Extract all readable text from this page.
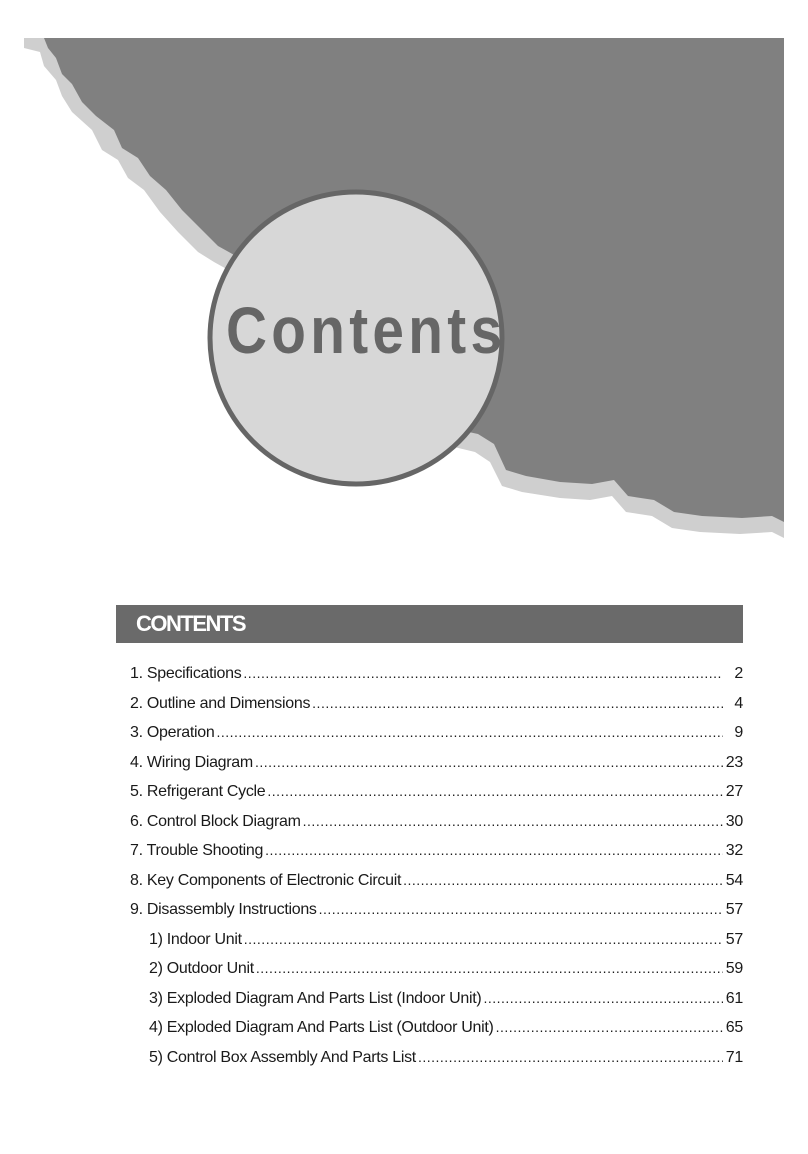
Contents
CONTENTS
1. Specifications .....	2
2. Outline and Dimensions .....	4
3. Operation .....	9
4. Wiring Diagram .....	23
5. Refrigerant Cycle .....	27
6. Control Block Diagram .....	30
7. Trouble Shooting .....	32
8. Key Components of Electronic Circuit .....	54
9. Disassembly Instructions .....	57
1) Indoor Unit .....	57
2) Outdoor Unit .....	59
3) Exploded Diagram And Parts List (Indoor Unit) .....	61
4) Exploded Diagram And Parts List (Outdoor Unit) .....	65
5) Control Box Assembly And Parts List .....	71
